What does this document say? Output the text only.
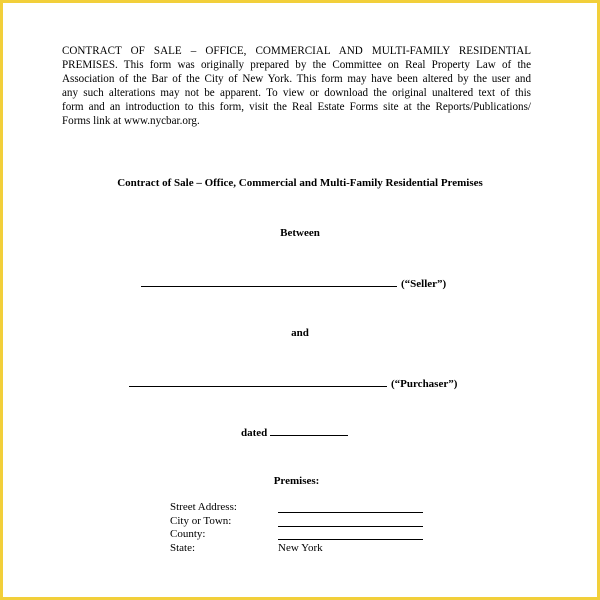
CONTRACT OF SALE – OFFICE, COMMERCIAL AND MULTI-FAMILY RESIDENTIAL
PREMISES. This form was originally prepared by the Committee on Real Property Law of the
Association of the Bar of the City of New York. This form may have been altered by the user and
any such alterations may not be apparent. To view or download the original unaltered text of this
form and an introduction to this form, visit the Real Estate Forms site at the Reports/Publications/
Forms link at www.nycbar.org.
Contract of Sale – Office, Commercial and Multi-Family Residential Premises
Between
(“Seller”)
and
(“Purchaser”)
dated
Premises:
Street Address:
City or Town:
County:
State:	New York
